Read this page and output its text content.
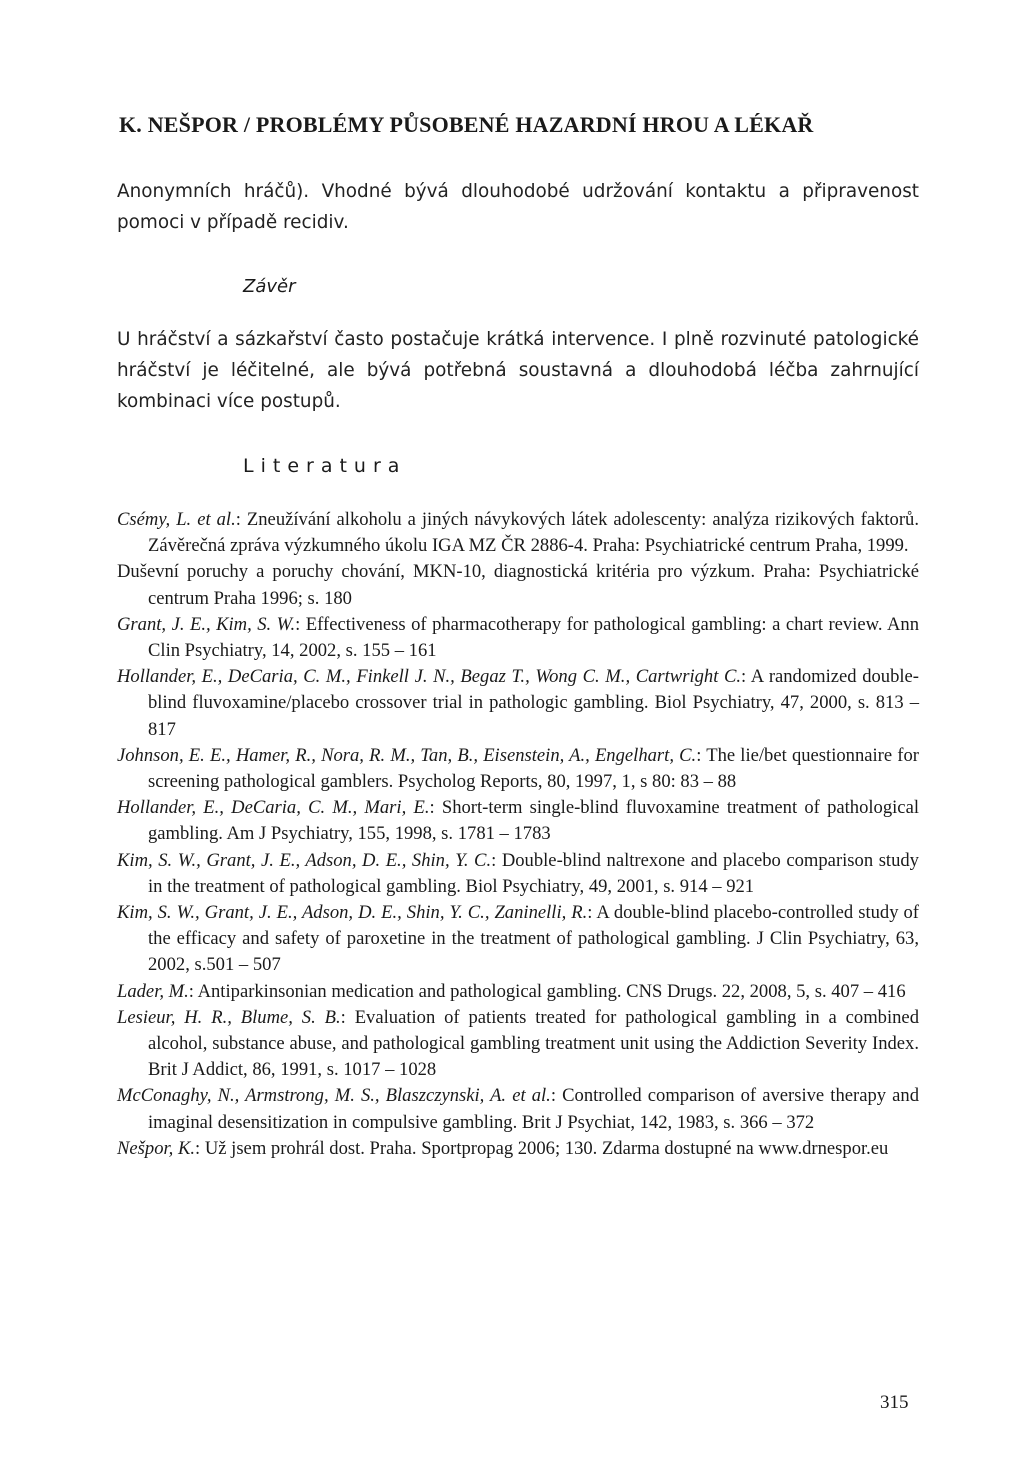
K. NEŠPOR / PROBLÉMY PŮSOBENÉ HAZARDNÍ HROU A LÉKAŘ

Anonymních hráčů). Vhodné bývá dlouhodobé udržování kontaktu a připravenost pomoci v případě recidiv.

Závěr

U hráčství a sázkařství často postačuje krátká intervence. I plně rozvinuté patologické hráčství je léčitelné, ale bývá potřebná soustavná a dlouhodobá léčba zahrnující kombinaci více postupů.

Literatura

Csémy, L. et al.: Zneužívání alkoholu a jiných návykových látek adolescenty: analýza rizikových faktorů. Závěrečná zpráva výzkumného úkolu IGA MZ ČR 2886-4. Praha: Psychiatrické centrum Praha, 1999.

Duševní poruchy a poruchy chování, MKN-10, diagnostická kritéria pro výzkum. Praha: Psychiatrické centrum Praha 1996; s. 180

Grant, J. E., Kim, S. W.: Effectiveness of pharmacotherapy for pathological gambling: a chart review. Ann Clin Psychiatry, 14, 2002, s. 155 – 161

Hollander, E., DeCaria, C. M., Finkell J. N., Begaz T., Wong C. M., Cartwright C.: A randomized double-blind fluvoxamine/placebo crossover trial in pathologic gambling. Biol Psychiatry, 47, 2000, s. 813 – 817

Johnson, E. E., Hamer, R., Nora, R. M., Tan, B., Eisenstein, A., Engelhart, C.: The lie/bet questionnaire for screening pathological gamblers. Psycholog Reports, 80, 1997, 1, s 80: 83 – 88

Hollander, E., DeCaria, C. M., Mari, E.: Short-term single-blind fluvoxamine treatment of pathological gambling. Am J Psychiatry, 155, 1998, s. 1781 – 1783

Kim, S. W., Grant, J. E., Adson, D. E., Shin, Y. C.: Double-blind naltrexone and placebo comparison study in the treatment of pathological gambling. Biol Psychiatry, 49, 2001, s. 914 – 921

Kim, S. W., Grant, J. E., Adson, D. E., Shin, Y. C., Zaninelli, R.: A double-blind placebo-controlled study of the efficacy and safety of paroxetine in the treatment of pathological gambling. J Clin Psychiatry, 63, 2002, s.501 – 507

Lader, M.: Antiparkinsonian medication and pathological gambling. CNS Drugs. 22, 2008, 5, s. 407 – 416

Lesieur, H. R., Blume, S. B.: Evaluation of patients treated for pathological gambling in a combined alcohol, substance abuse, and pathological gambling treatment unit using the Addiction Severity Index. Brit J Addict, 86, 1991, s. 1017 – 1028

McConaghy, N., Armstrong, M. S., Blaszczynski, A. et al.: Controlled comparison of aversive therapy and imaginal desensitization in compulsive gambling. Brit J Psychiat, 142, 1983, s. 366 – 372

Nešpor, K.: Už jsem prohrál dost. Praha. Sportpropag 2006; 130. Zdarma dostupné na www.drnespor.eu

315
